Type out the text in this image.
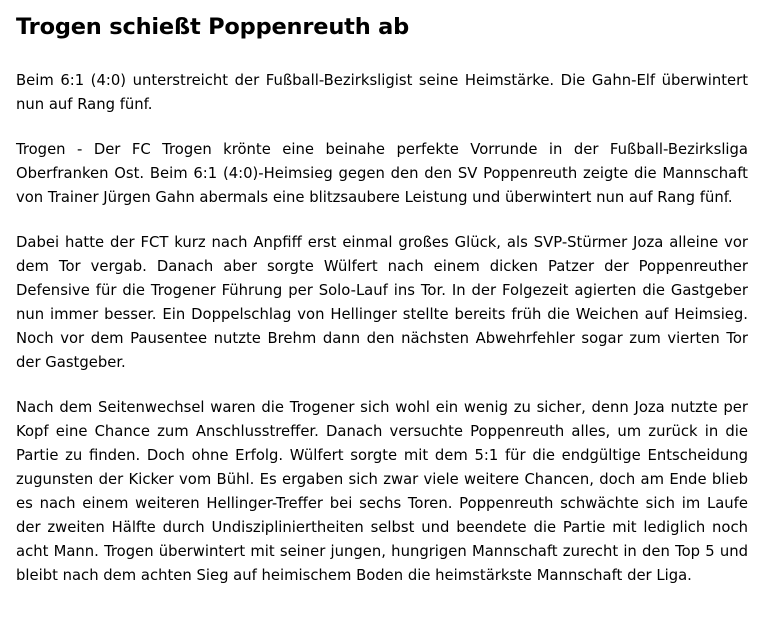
Trogen schießt Poppenreuth ab

Beim 6:1 (4:0) unterstreicht der Fußball-Bezirksligist seine Heimstärke. Die Gahn-Elf überwintert nun auf Rang fünf.

Trogen - Der FC Trogen krönte eine beinahe perfekte Vorrunde in der Fußball-Bezirksliga Oberfranken Ost. Beim 6:1 (4:0)-Heimsieg gegen den den SV Poppenreuth zeigte die Mannschaft von Trainer Jürgen Gahn abermals eine blitzsaubere Leistung und überwintert nun auf Rang fünf.

Dabei hatte der FCT kurz nach Anpfiff erst einmal großes Glück, als SVP-Stürmer Joza alleine vor dem Tor vergab. Danach aber sorgte Wülfert nach einem dicken Patzer der Poppenreuther Defensive für die Trogener Führung per Solo-Lauf ins Tor. In der Folgezeit agierten die Gastgeber nun immer besser. Ein Doppelschlag von Hellinger stellte bereits früh die Weichen auf Heimsieg. Noch vor dem Pausentee nutzte Brehm dann den nächsten Abwehrfehler sogar zum vierten Tor der Gastgeber.

Nach dem Seitenwechsel waren die Trogener sich wohl ein wenig zu sicher, denn Joza nutzte per Kopf eine Chance zum Anschlusstreffer. Danach versuchte Poppenreuth alles, um zurück in die Partie zu finden. Doch ohne Erfolg. Wülfert sorgte mit dem 5:1 für die endgültige Entscheidung zugunsten der Kicker vom Bühl. Es ergaben sich zwar viele weitere Chancen, doch am Ende blieb es nach einem weiteren Hellinger-Treffer bei sechs Toren. Poppenreuth schwächte sich im Laufe der zweiten Hälfte durch Undiszipliniertheiten selbst und beendete die Partie mit lediglich noch acht Mann. Trogen überwintert mit seiner jungen, hungrigen Mannschaft zurecht in den Top 5 und bleibt nach dem achten Sieg auf heimischem Boden die heimstärkste Mannschaft der Liga.
